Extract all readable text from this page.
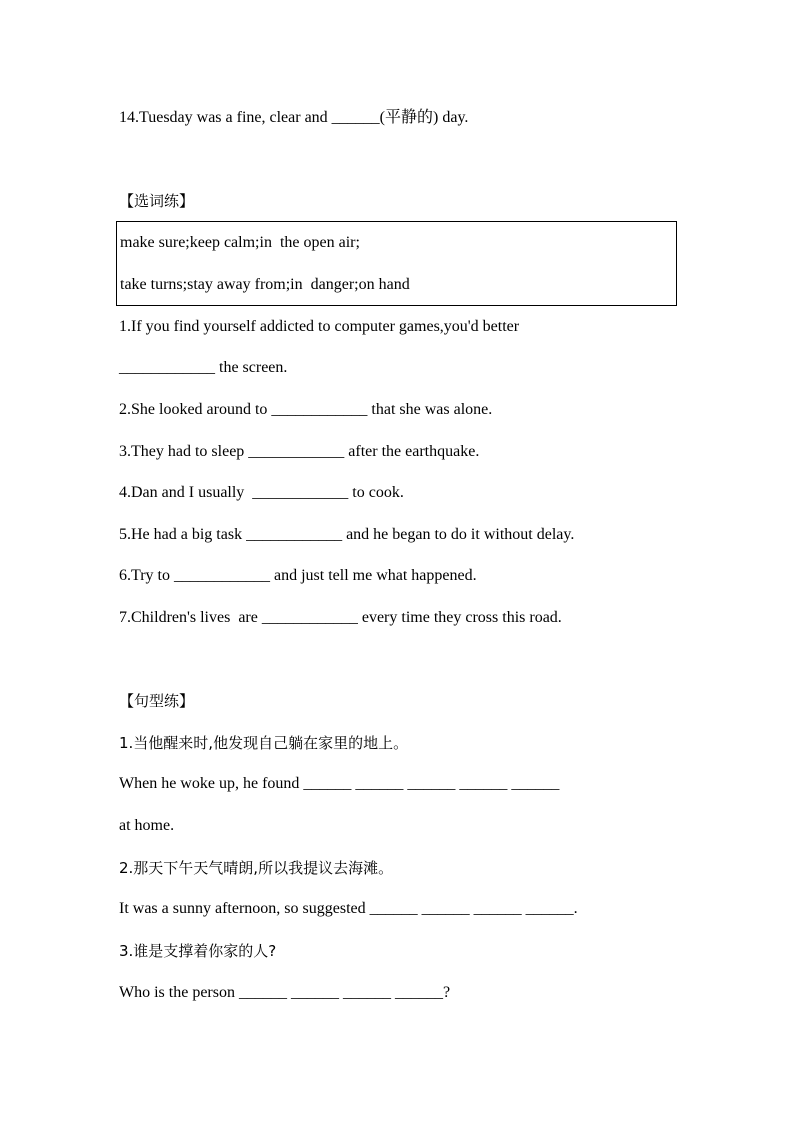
14.Tuesday was a fine, clear and ______(平静的) day.
【选词练】
make sure;keep calm;in  the open air;
take turns;stay away from;in  danger;on hand
1.If you find yourself addicted to computer games,you'd better
____________ the screen.
2.She looked around to ____________ that she was alone.
3.They had to sleep ____________ after the earthquake.
4.Dan and I usually  ____________ to cook.
5.He had a big task ____________ and he began to do it without delay.
6.Try to ____________ and just tell me what happened.
7.Children's lives  are ____________ every time they cross this road.
【句型练】
1.当他醒来时,他发现自己躺在家里的地上。
When he woke up, he found ______ ______ ______ ______ ______
at home.
2.那天下午天气晴朗,所以我提议去海滩。
It was a sunny afternoon, so suggested ______ ______ ______ ______.
3.谁是支撑着你家的人?
Who is the person ______ ______ ______ ______?
